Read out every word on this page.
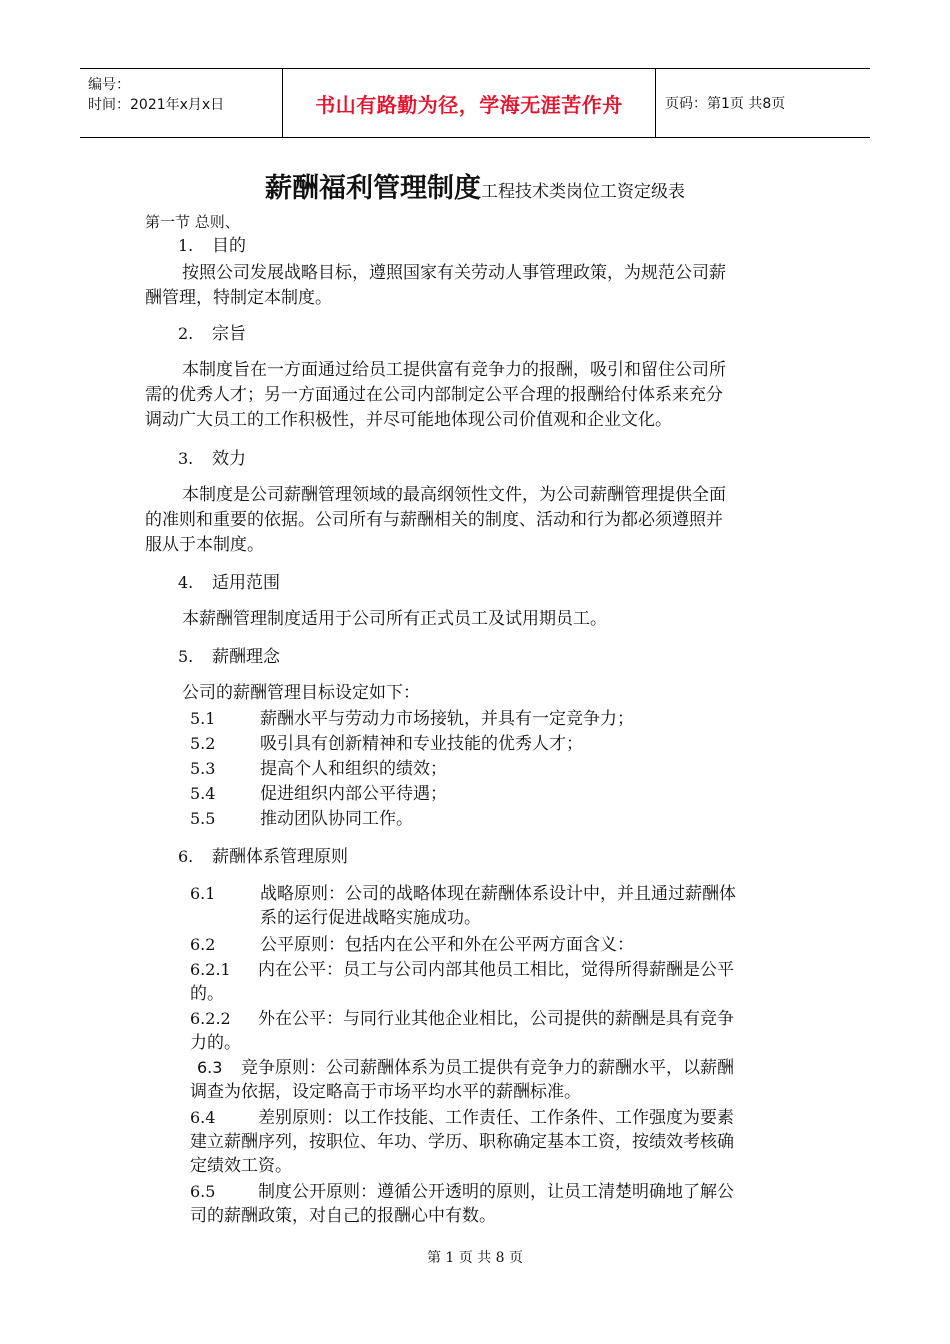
编号：
时间：2021年x月x日	书山有路勤为径，学海无涯苦作舟	页码：第1页 共8页
薪酬福利管理制度工程技术类岗位工资定级表
第一节 总则、
1. 目的
按照公司发展战略目标，遵照国家有关劳动人事管理政策，为规范公司薪
酬管理，特制定本制度。
2. 宗旨
本制度旨在一方面通过给员工提供富有竞争力的报酬，吸引和留住公司所
需的优秀人才；另一方面通过在公司内部制定公平合理的报酬给付体系来充分
调动广大员工的工作积极性，并尽可能地体现公司价值观和企业文化。
3. 效力
本制度是公司薪酬管理领域的最高纲领性文件，为公司薪酬管理提供全面
的准则和重要的依据。公司所有与薪酬相关的制度、活动和行为都必须遵照并
服从于本制度。
4. 适用范围
本薪酬管理制度适用于公司所有正式员工及试用期员工。
5. 薪酬理念
公司的薪酬管理目标设定如下：
5.1	薪酬水平与劳动力市场接轨，并具有一定竞争力；
5.2	吸引具有创新精神和专业技能的优秀人才；
5.3	提高个人和组织的绩效；
5.4	促进组织内部公平待遇；
5.5	推动团队协同工作。
6. 薪酬体系管理原则
6.1	战略原则：公司的战略体现在薪酬体系设计中，并且通过薪酬体
系的运行促进战略实施成功。
6.2	公平原则：包括内在公平和外在公平两方面含义：
6.2.1 内在公平：员工与公司内部其他员工相比，觉得所得薪酬是公平
的。
6.2.2 外在公平：与同行业其他企业相比，公司提供的薪酬是具有竞争
力的。
6.3 竞争原则：公司薪酬体系为员工提供有竞争力的薪酬水平，以薪酬
调查为依据，设定略高于市场平均水平的薪酬标准。
6.4	差别原则：以工作技能、工作责任、工作条件、工作强度为要素
建立薪酬序列，按职位、年功、学历、职称确定基本工资，按绩效考核确
定绩效工资。
6.5	制度公开原则：遵循公开透明的原则，让员工清楚明确地了解公
司的薪酬政策，对自己的报酬心中有数。
第 1 页 共 8 页
